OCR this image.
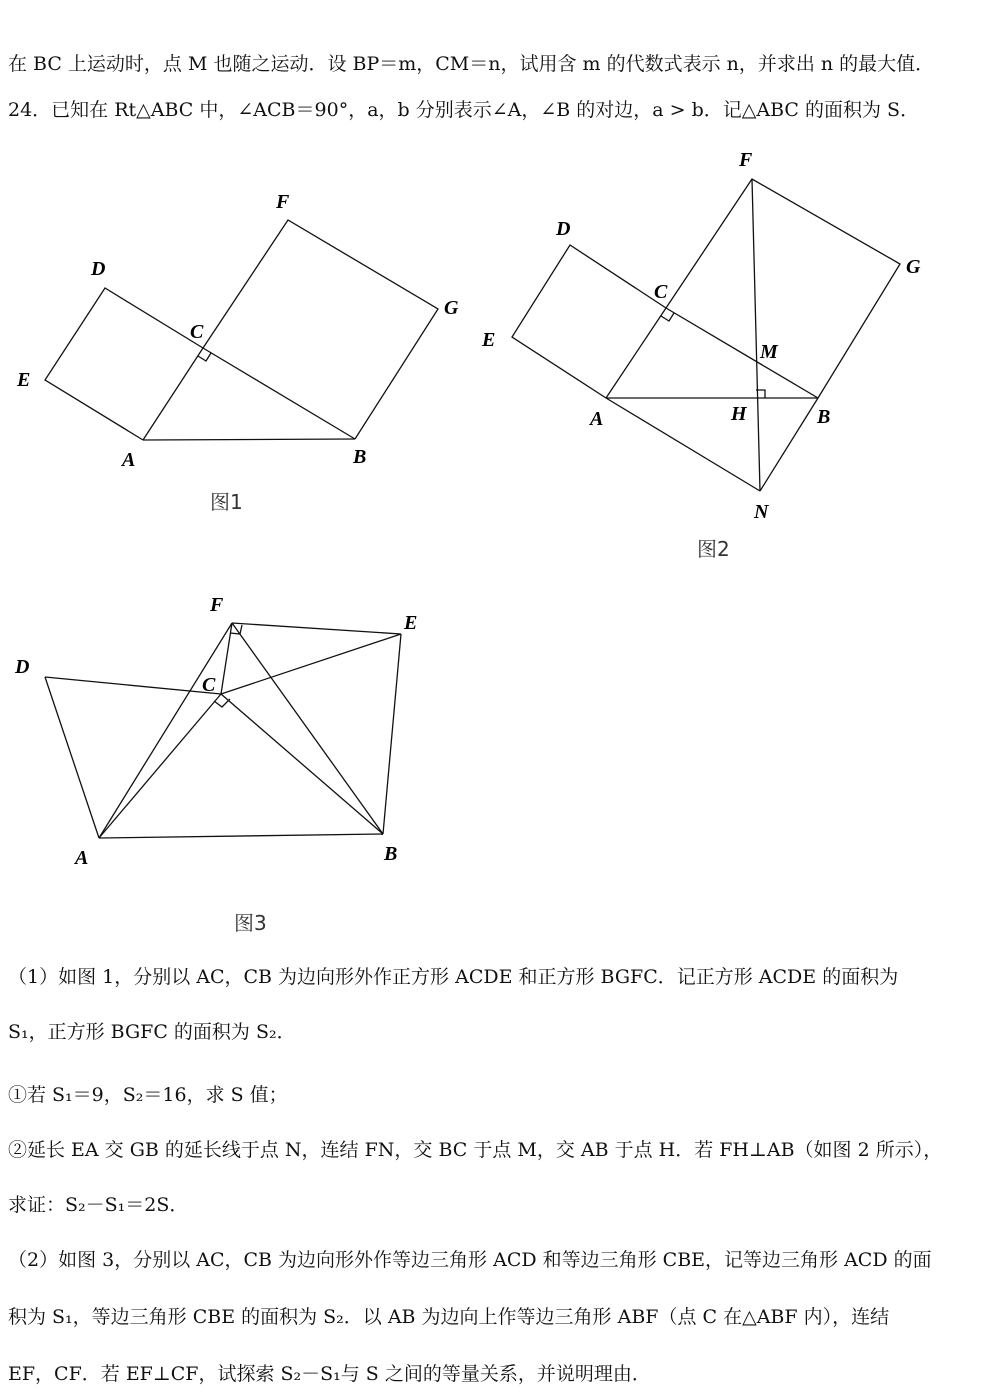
在 BC 上运动时，点 M 也随之运动．设 BP＝m，CM＝n，试用含 m 的代数式表示 n，并求出 n 的最大值．
24．已知在 Rt△ABC 中，∠ACB＝90°，a，b 分别表示∠A，∠B 的对边，a > b．记△ABC 的面积为 S．
A	B
C
D
E
F
G
图1
A	B
C
D
E
F
G
M
H
N
图2
A	B
C
D
E
F
图3
（1）如图 1，分别以 AC，CB 为边向形外作正方形 ACDE 和正方形 BGFC．记正方形 ACDE 的面积为
S₁，正方形 BGFC 的面积为 S₂．
①若 S₁＝9，S₂＝16，求 S 值；
②延长 EA 交 GB 的延长线于点 N，连结 FN，交 BC 于点 M，交 AB 于点 H．若 FH⊥AB（如图 2 所示），
求证：S₂－S₁＝2S．
（2）如图 3，分别以 AC，CB 为边向形外作等边三角形 ACD 和等边三角形 CBE，记等边三角形 ACD 的面
积为 S₁，等边三角形 CBE 的面积为 S₂．以 AB 为边向上作等边三角形 ABF（点 C 在△ABF 内），连结
EF，CF．若 EF⊥CF，试探索 S₂－S₁与 S 之间的等量关系，并说明理由．
